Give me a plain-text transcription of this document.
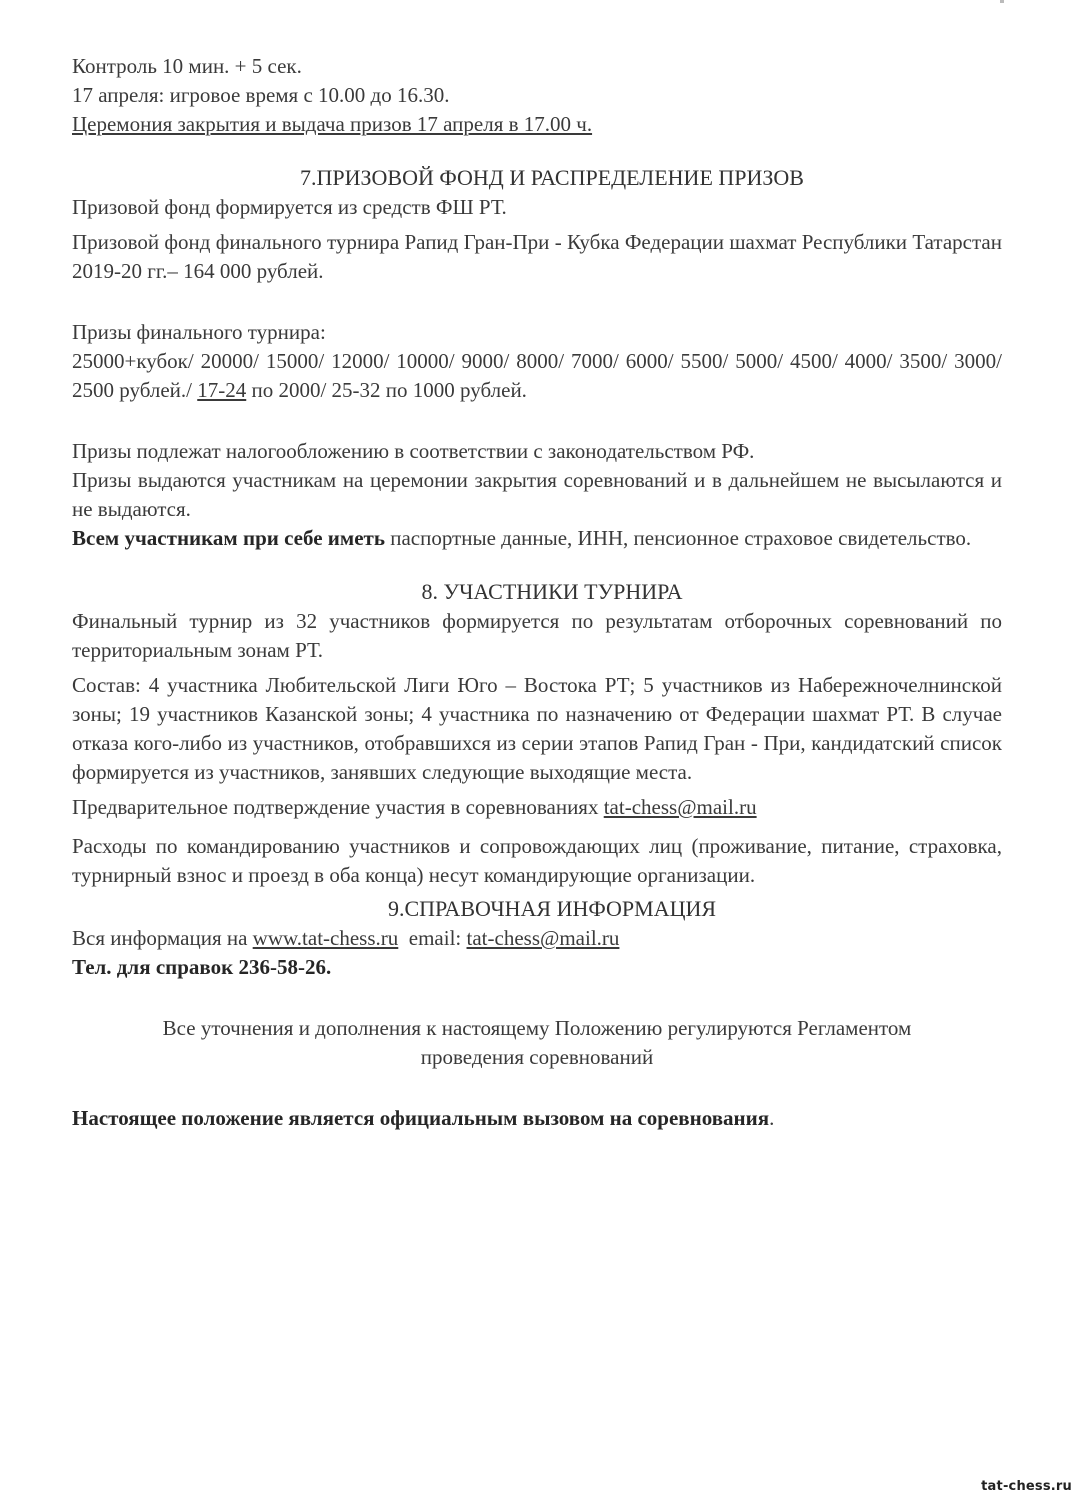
Контроль 10 мин. + 5 сек.

17 апреля: игровое время с 10.00 до 16.30.

Церемония закрытия и выдача призов 17 апреля в 17.00 ч.

7.ПРИЗОВОЙ ФОНД И РАСПРЕДЕЛЕНИЕ ПРИЗОВ

Призовой фонд формируется из средств ФШ РТ.

Призовой фонд финального турнира Рапид Гран-При - Кубка Федерации шахмат Республики Татарстан 2019-20 гг.– 164 000 рублей.

Призы финального турнира:

25000+кубок/ 20000/ 15000/ 12000/ 10000/ 9000/ 8000/ 7000/ 6000/ 5500/ 5000/ 4500/ 4000/ 3500/ 3000/ 2500 рублей./ 17-24 по 2000/ 25-32 по 1000 рублей.

Призы подлежат налогообложению в соответствии с законодательством РФ.

Призы выдаются участникам на церемонии закрытия соревнований и в дальнейшем не высылаются и не выдаются.

Всем участникам при себе иметь паспортные данные, ИНН, пенсионное страховое свидетельство.

8. УЧАСТНИКИ ТУРНИРА

Финальный турнир из 32 участников формируется по результатам отборочных соревнований по территориальным зонам РТ.

Состав: 4 участника Любительской Лиги Юго – Востока РТ; 5 участников из Набережночелнинской зоны; 19 участников Казанской зоны; 4 участника по назначению от Федерации шахмат РТ. В случае отказа кого-либо из участников, отобравшихся из серии этапов Рапид Гран - При, кандидатский список формируется из участников, занявших следующие выходящие места.

Предварительное подтверждение участия в соревнованиях tat-chess@mail.ru

Расходы по командированию участников и сопровождающих лиц (проживание, питание, страховка, турнирный взнос и проезд в оба конца) несут командирующие организации.

9.СПРАВОЧНАЯ ИНФОРМАЦИЯ

Вся информация на www.tat-chess.ru  email: tat-chess@mail.ru

Тел. для справок 236-58-26.

Все уточнения и дополнения к настоящему Положению регулируются Регламентом проведения соревнований

Настоящее положение является официальным вызовом на соревнования.

tat-chess.ru
